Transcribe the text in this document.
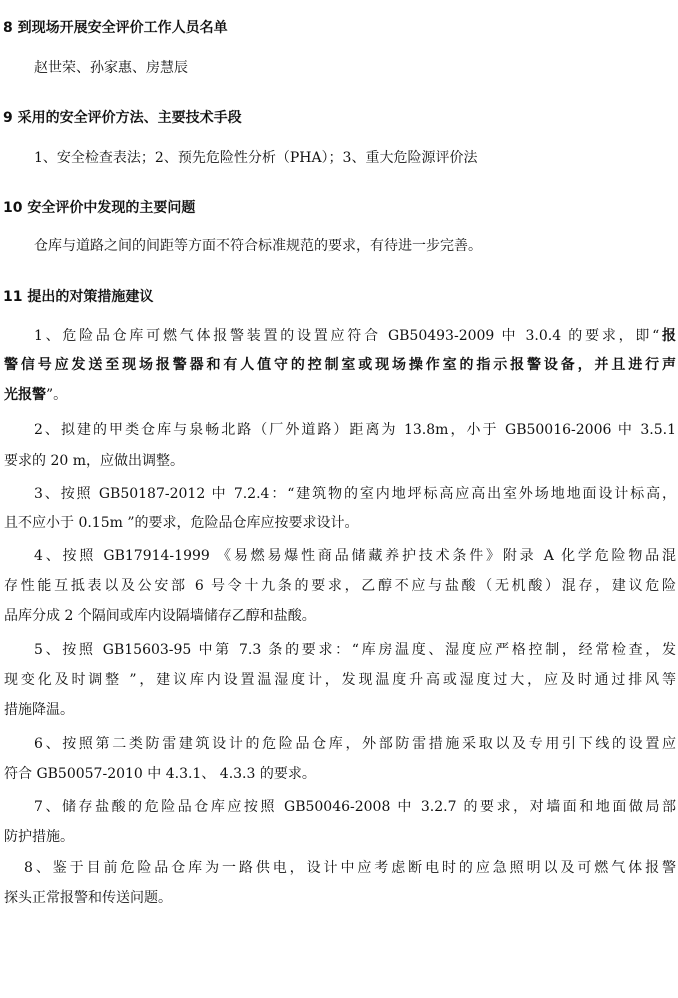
8 到现场开展安全评价工作人员名单
赵世荣、孙家惠、房慧辰
9 采用的安全评价方法、主要技术手段
1、安全检查表法；2、预先危险性分析（PHA）；3、重大危险源评价法
10 安全评价中发现的主要问题
仓库与道路之间的间距等方面不符合标准规范的要求，有待进一步完善。
11 提出的对策措施建议
1、危险品仓库可燃气体报警装置的设置应符合 GB50493-2009 中 3.0.4 的要求，即“报
警信号应发送至现场报警器和有人值守的控制室或现场操作室的指示报警设备，并且进行声
光报警”。
2、拟建的甲类仓库与泉畅北路（厂外道路）距离为 13.8m，小于 GB50016-2006 中 3.5.1
要求的 20 m，应做出调整。
3、按照 GB50187-2012 中 7.2.4：“建筑物的室内地坪标高应高出室外场地地面设计标高，
且不应小于 0.15m ”的要求，危险品仓库应按要求设计。
4、按照 GB17914-1999 《易燃易爆性商品储藏养护技术条件》附录 A 化学危险物品混
存性能互抵表以及公安部 6 号令十九条的要求，乙醇不应与盐酸（无机酸）混存，建议危险
品库分成 2 个隔间或库内设隔墙储存乙醇和盐酸。
5、按照 GB15603-95 中第 7.3 条的要求：“库房温度、湿度应严格控制，经常检查，发
现变化及时调整 ”，建议库内设置温湿度计，发现温度升高或湿度过大，应及时通过排风等
措施降温。
6、按照第二类防雷建筑设计的危险品仓库，外部防雷措施采取以及专用引下线的设置应
符合 GB50057-2010 中 4.3.1、 4.3.3 的要求。
7、储存盐酸的危险品仓库应按照 GB50046-2008 中 3.2.7 的要求，对墙面和地面做局部
防护措施。
8、鉴于目前危险品仓库为一路供电，设计中应考虑断电时的应急照明以及可燃气体报警
探头正常报警和传送问题。
